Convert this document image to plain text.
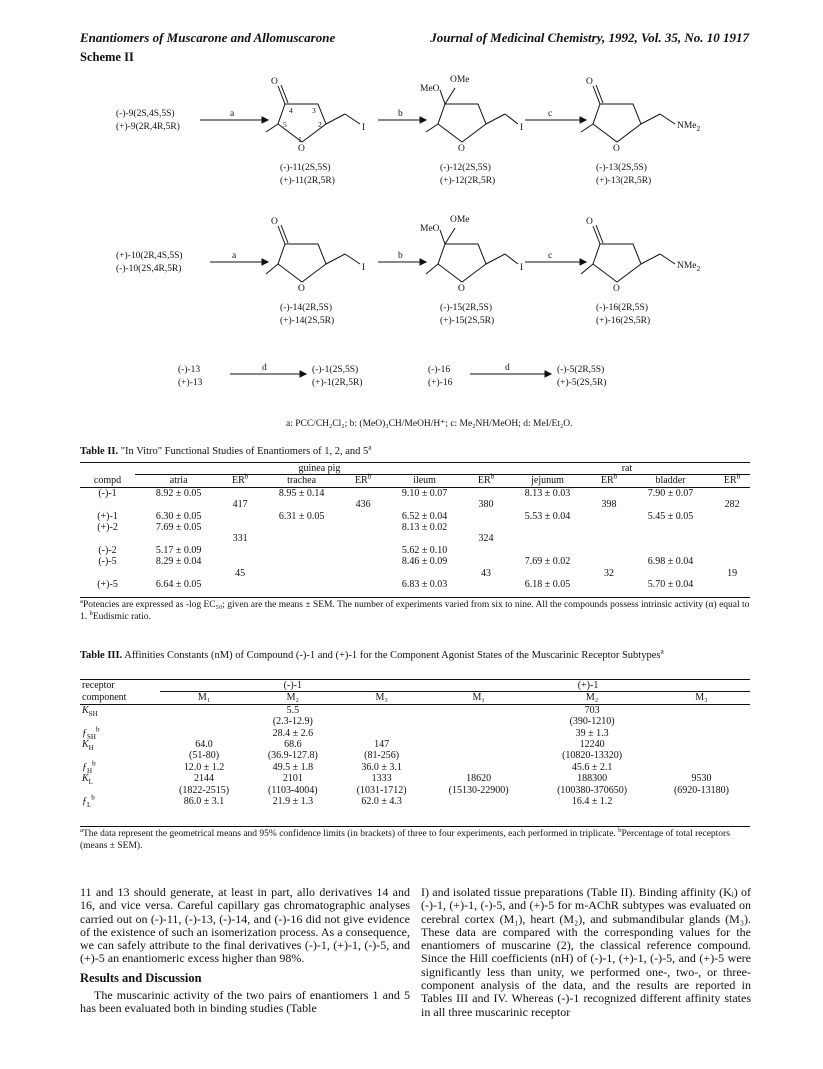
Enantiomers of Muscarone and Allomuscarone	Journal of Medicinal Chemistry, 1992, Vol. 35, No. 10 1917
Scheme II
(-)-9(2S,4S,5S)
(+)-9(2R,4R,5R)
a	b	c
O
O
I
1
2
3
4
5
OMe
MeO
O
I
O
O
NMe$_2$
(-)-11(2S,5S)
(+)-11(2R,5R)
(-)-12(2S,5S)
(+)-12(2R,5R)
(-)-13(2S,5S)
(+)-13(2R,5R)
(+)-10(2R,4S,5S)
(-)-10(2S,4R,5R)
a	b	c
O
O
I
OMe
MeO
O
I
O
O
NMe$_2$
(-)-14(2R,5S)
(+)-14(2S,5R)
(-)-15(2R,5S)
(+)-15(2S,5R)
(-)-16(2R,5S)
(+)-16(2S,5R)
(-)-13
(+)-13
d	(-)-1(2S,5S)
(+)-1(2R,5R)
(-)-16
(+)-16
d	(-)-5(2R,5S)
(+)-5(2S,5R)
a: PCC/CH₂Cl₂; b: (MeO)₃CH/MeOH/H⁺; c: Me₂NH/MeOH; d: MeI/Et₂O.
Table II. "In Vitro" Functional Studies of Enantiomers of 1, 2, and 5$^a$
	guinea pig						rat			
compd	atria	$ER^b$	trachea	$ER^b$	ileum	$ER^b$	jejunum	$ER^b$	bladder	$ER^b$
(-)-1	8.92 ± 0.05		8.95 ± 0.14		9.10 ± 0.07		8.13 ± 0.03		7.90 ± 0.07	
		417		436		380		398		282
(+)-1	6.30 ± 0.05		6.31 ± 0.05		6.52 ± 0.04		5.53 ± 0.04		5.45 ± 0.05	
(+)-2	7.69 ± 0.05				8.13 ± 0.02					
		331				324				
(-)-2	5.17 ± 0.09				5.62 ± 0.10					
(-)-5	8.29 ± 0.04				8.46 ± 0.09		7.69 ± 0.02		6.98 ± 0.04	
		45				43		32		19
(+)-5	6.64 ± 0.05				6.83 ± 0.03		6.18 ± 0.05		5.70 ± 0.04	
$^a$Potencies are expressed as -log EC₅₀; given are the means ± SEM. The number of experiments varied from six to nine. All the compounds possess intrinsic activity (α) equal to 1. $^b$Eudismic ratio.
Table III. Affinities Constants (nM) of Compound (-)-1 and (+)-1 for the Component Agonist States of the Muscarinic Receptor Subtypes$^a$
receptor	(-)-1			(+)-1		
component	M₁	M₂	M₃	M₁	M₂	M₃
$K_{SH}$		5.5			703	
		(2.3-12.9)			(390-1210)	
$ƒ_{SH}^b$		28.4 ± 2.6			39 ± 1.3	
$K_H$	64.0	68.6	147		12240	
	(51-80)	(36.9-127.8)	(81-256)		(10820-13320)	
$ƒ_H^b$	12.0 ± 1.2	49.5 ± 1.8	36.0 ± 3.1		45.6 ± 2.1	
$K_L$	2144	2101	1333	18620	188300	9530
	(1822-2515)	(1103-4004)	(1031-1712)	(15130-22900)	(100380-370650)	(6920-13180)
$ƒ_L^b$	86.0 ± 3.1	21.9 ± 1.3	62.0 ± 4.3		16.4 ± 1.2	
$^a$The data represent the geometrical means and 95% confidence limits (in brackets) of three to four experiments, each performed in triplicate. $^b$Percentage of total receptors (means ± SEM).

11 and 13 should generate, at least in part, allo derivatives 14 and 16, and vice versa. Careful capillary gas chromatographic analyses carried out on (-)-11, (-)-13, (-)-14, and (-)-16 did not give evidence of the existence of such an isomerization process. As a consequence, we can safely attribute to the final derivatives (-)-1, (+)-1, (-)-5, and (+)-5 an enantiomeric excess higher than 98%.

Results and Discussion

The muscarinic activity of the two pairs of enantiomers 1 and 5 has been evaluated both in binding studies (Table

I) and isolated tissue preparations (Table II). Binding affinity (Kᵢ) of (-)-1, (+)-1, (-)-5, and (+)-5 for m-AChR subtypes was evaluated on cerebral cortex (M₁), heart (M₂), and submandibular glands (M₃). These data are compared with the corresponding values for the enantiomers of muscarine (2), the classical reference compound. Since the Hill coefficients (nH) of (-)-1, (+)-1, (-)-5, and (+)-5 were significantly less than unity, we performed one-, two-, or three-component analysis of the data, and the results are reported in Tables III and IV. Whereas (-)-1 recognized different affinity states in all three muscarinic receptor
